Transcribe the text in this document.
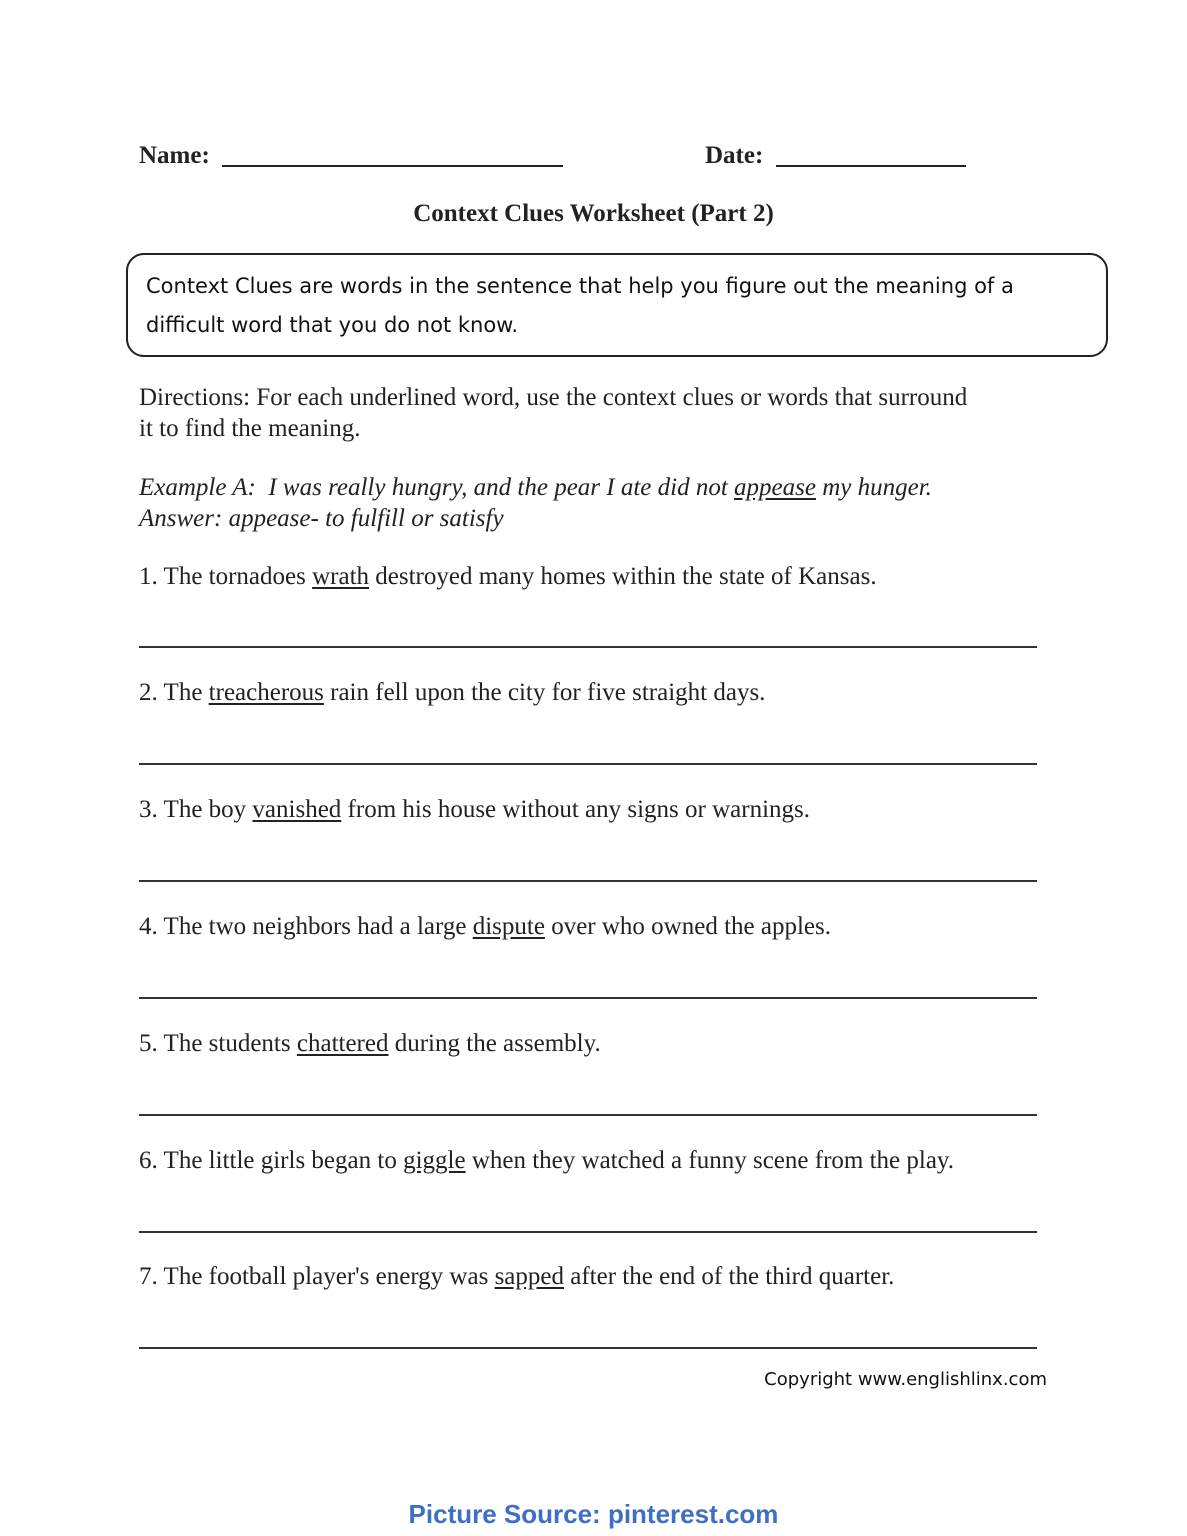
Name:	Date:
Context Clues Worksheet (Part 2)
Context Clues are words in the sentence that help you figure out the meaning of a
difficult word that you do not know.
Directions: For each underlined word, use the context clues or words that surround
it to find the meaning.
Example A:  I was really hungry, and the pear I ate did not appease my hunger.
Answer: appease- to fulfill or satisfy
1. The tornadoes wrath destroyed many homes within the state of Kansas.
2. The treacherous rain fell upon the city for five straight days.
3. The boy vanished from his house without any signs or warnings.
4. The two neighbors had a large dispute over who owned the apples.
5. The students chattered during the assembly.
6. The little girls began to giggle when they watched a funny scene from the play.
7. The football player's energy was sapped after the end of the third quarter.
Copyright www.englishlinx.com
Picture Source: pinterest.com
